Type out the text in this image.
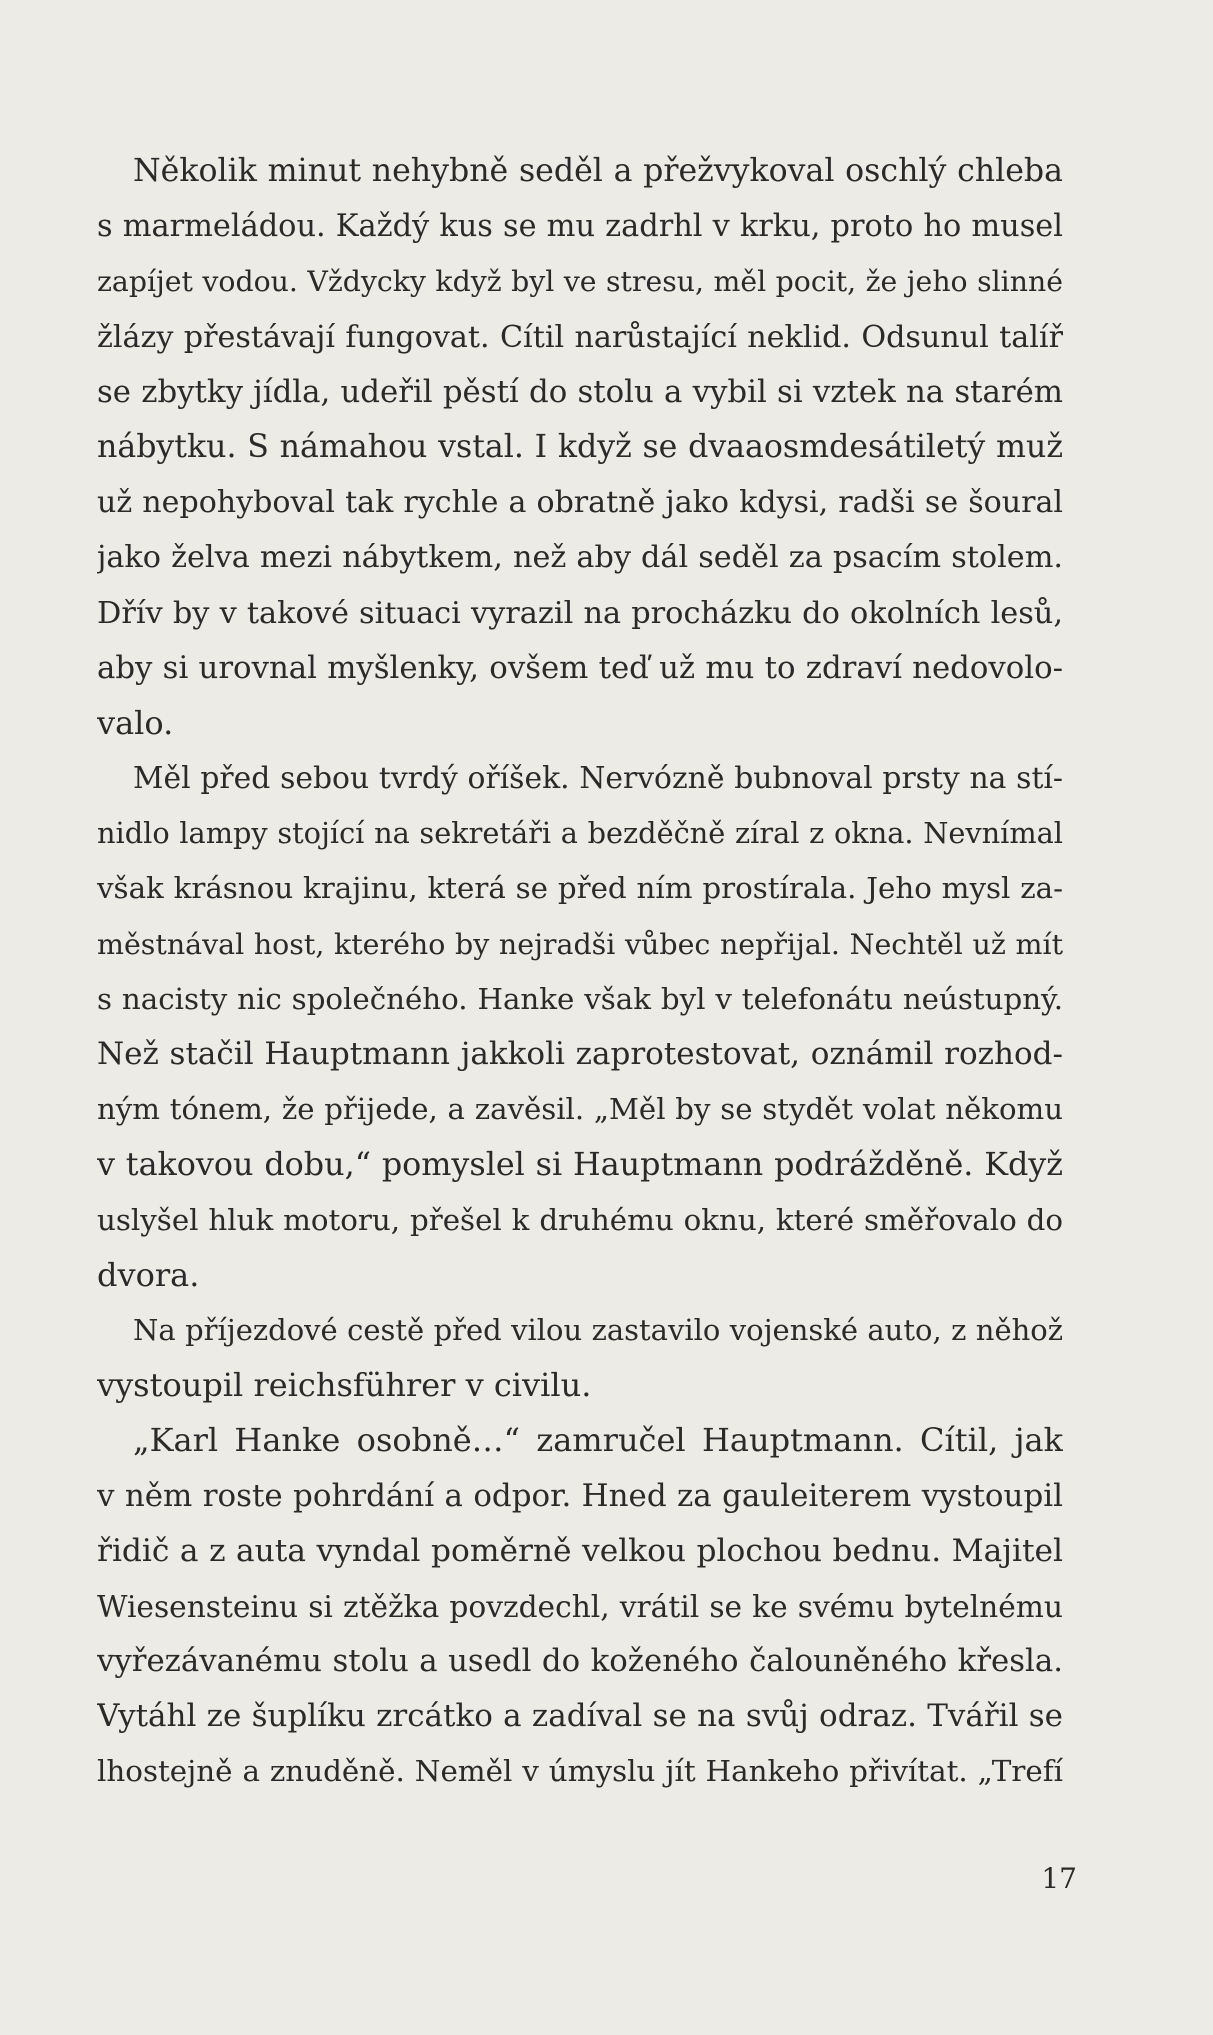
Několik minut nehybně seděl a přežvykoval oschlý chleba
s marmeládou. Každý kus se mu zadrhl v krku, proto ho musel
zapíjet vodou. Vždycky když byl ve stresu, měl pocit, že jeho slinné
žlázy přestávají fungovat. Cítil narůstající neklid. Odsunul talíř
se zbytky jídla, udeřil pěstí do stolu a vybil si vztek na starém
nábytku. S námahou vstal. I když se dvaaosmdesátiletý muž
už nepohyboval tak rychle a obratně jako kdysi, radši se šoural
jako želva mezi nábytkem, než aby dál seděl za psacím stolem.
Dřív by v takové situaci vyrazil na procházku do okolních lesů,
aby si urovnal myšlenky, ovšem teď už mu to zdraví nedovolo-
valo.
Měl před sebou tvrdý oříšek. Nervózně bubnoval prsty na stí-
nidlo lampy stojící na sekretáři a bezděčně zíral z okna. Nevnímal
však krásnou krajinu, která se před ním prostírala. Jeho mysl za-
městnával host, kterého by nejradši vůbec nepřijal. Nechtěl už mít
s nacisty nic společného. Hanke však byl v telefonátu neústupný.
Než stačil Hauptmann jakkoli zaprotestovat, oznámil rozhod-
ným tónem, že přijede, a zavěsil. „Měl by se stydět volat někomu
v takovou dobu,“ pomyslel si Hauptmann podrážděně. Když
uslyšel hluk motoru, přešel k druhému oknu, které směřovalo do
dvora.
Na příjezdové cestě před vilou zastavilo vojenské auto, z něhož
vystoupil reichsführer v civilu.
„Karl Hanke osobně…“ zamručel Hauptmann. Cítil, jak
v něm roste pohrdání a odpor. Hned za gauleiterem vystoupil
řidič a z auta vyndal poměrně velkou plochou bednu. Majitel
Wiesensteinu si ztěžka povzdechl, vrátil se ke svému bytelnému
vyřezávanému stolu a usedl do koženého čalouněného křesla.
Vytáhl ze šuplíku zrcátko a zadíval se na svůj odraz. Tvářil se
lhostejně a znuděně. Neměl v úmyslu jít Hankeho přivítat. „Trefí
17
